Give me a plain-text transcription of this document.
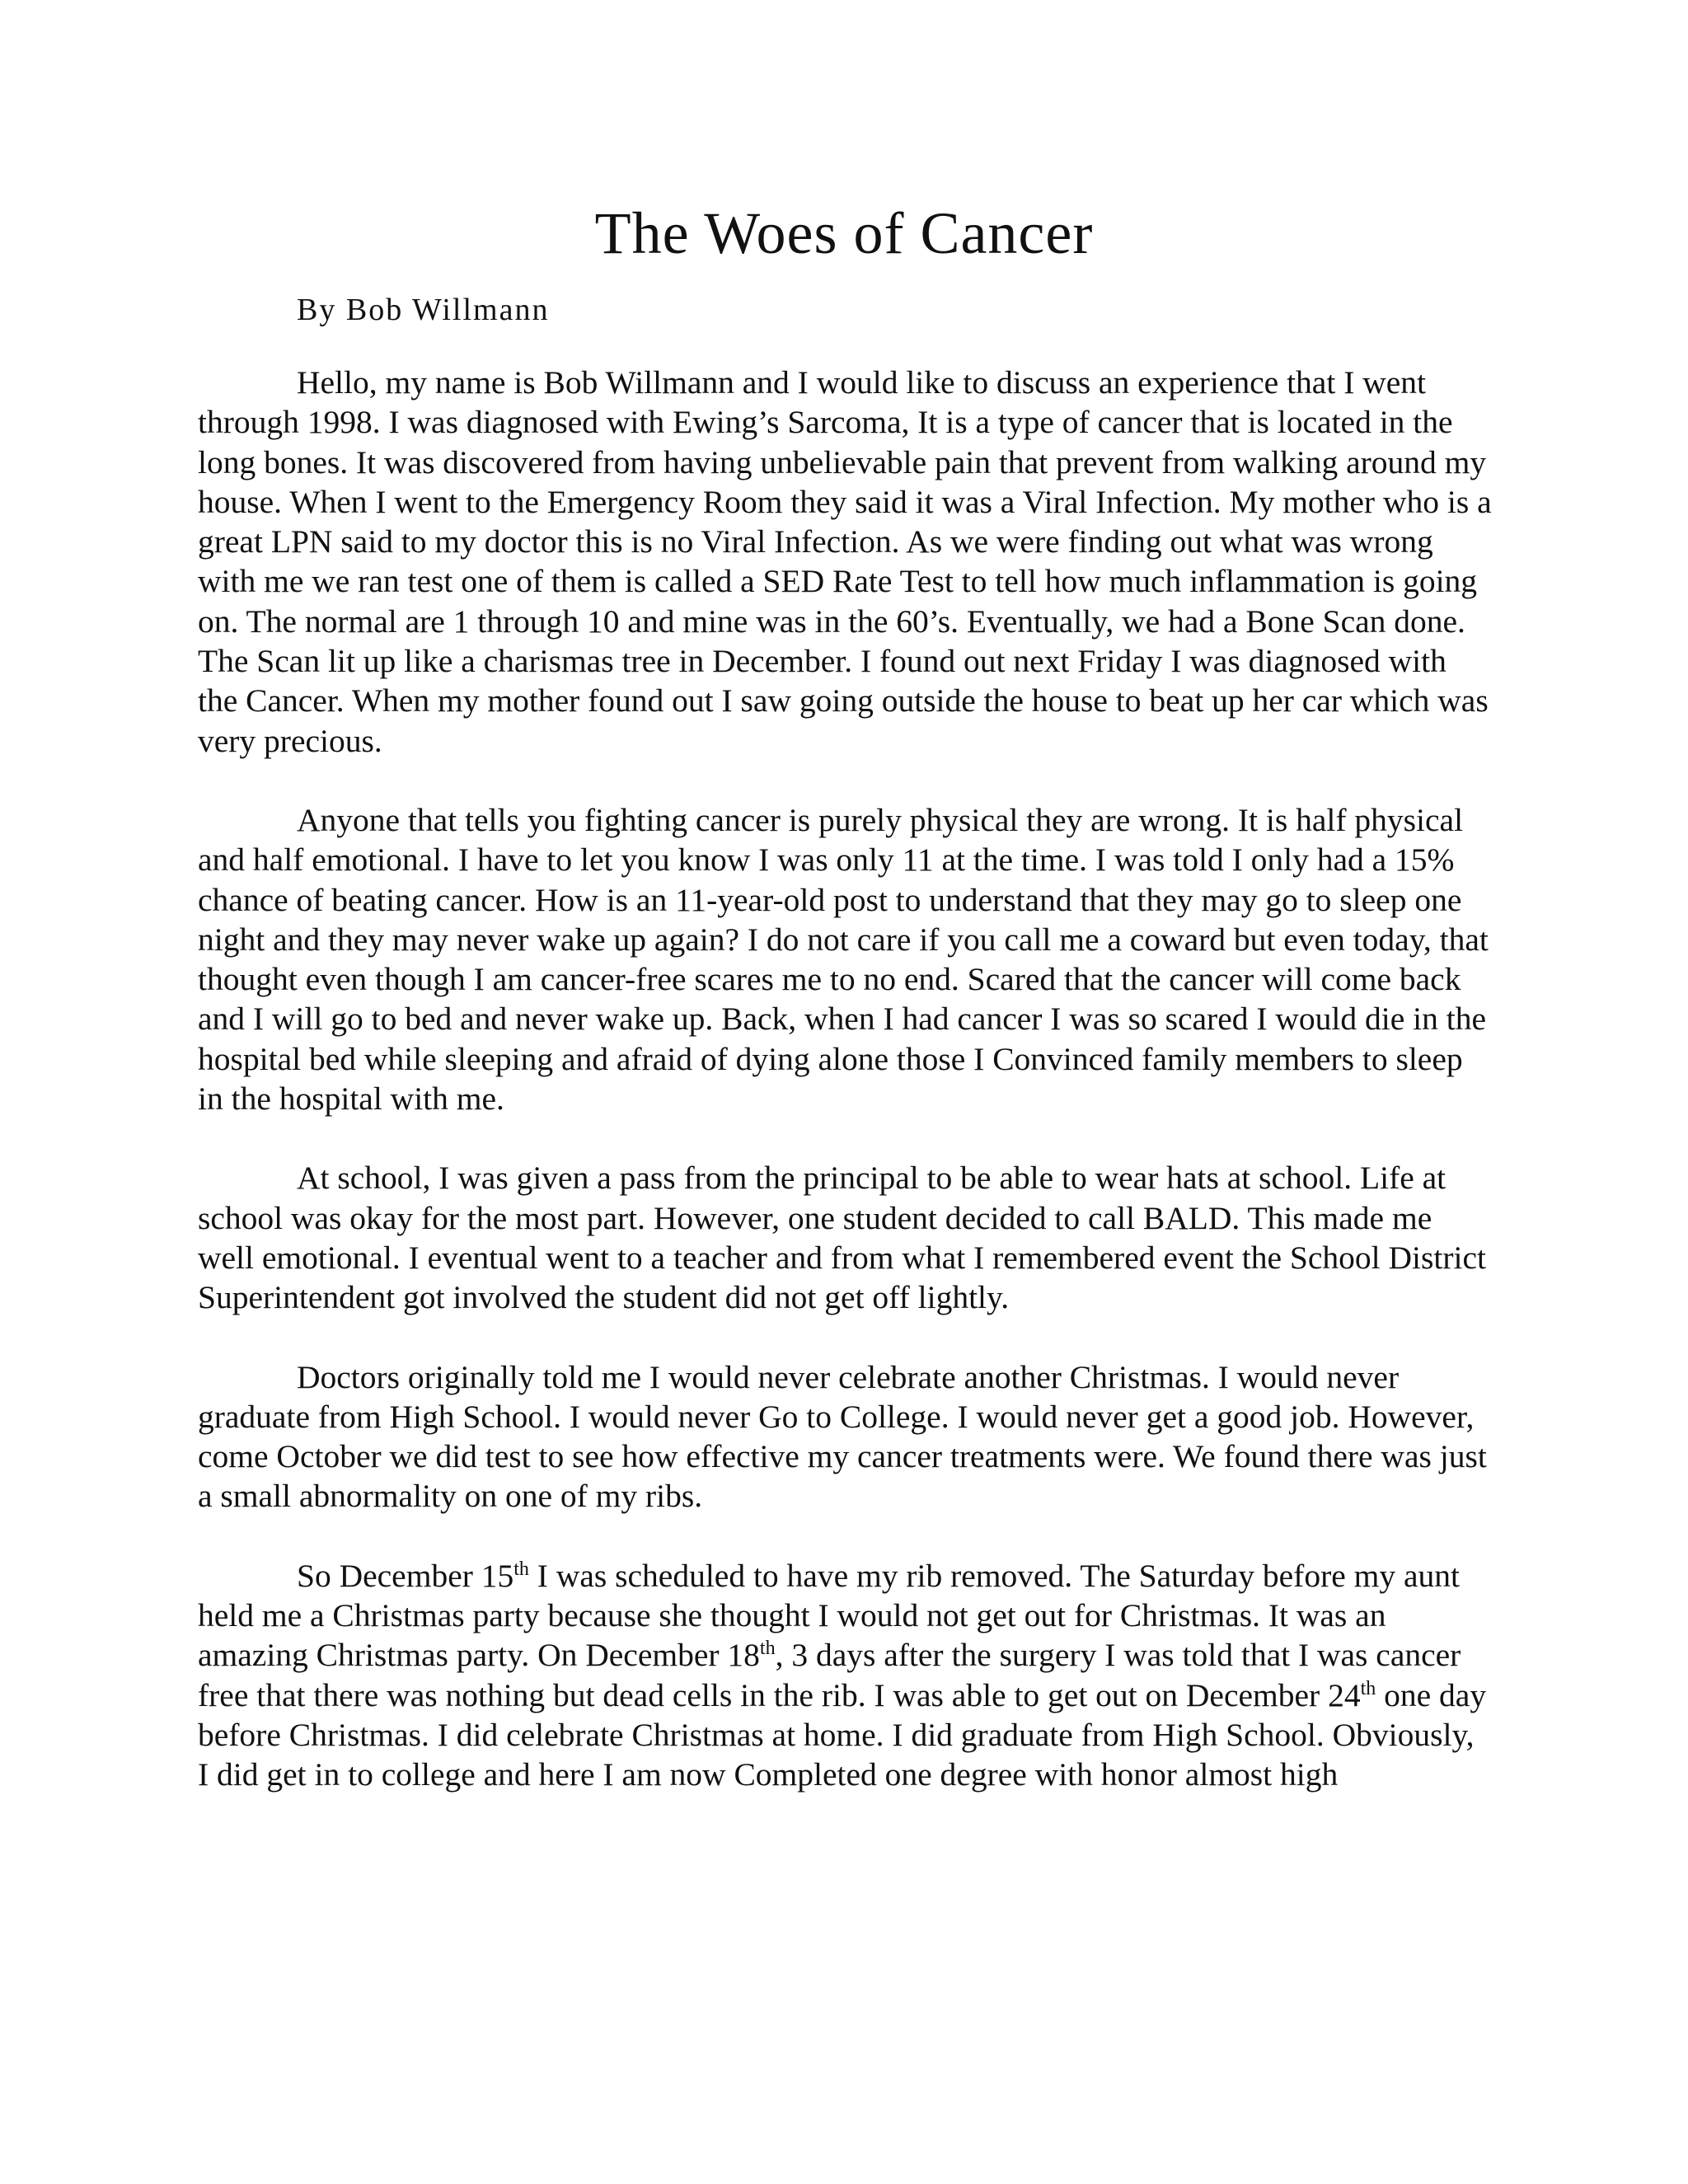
The Woes of Cancer

By Bob Willmann

Hello, my name is Bob Willmann and I would like to discuss an experience that I went through 1998. I was diagnosed with Ewing’s Sarcoma, It is a type of cancer that is located in the long bones. It was discovered from having unbelievable pain that prevent from walking around my house. When I went to the Emergency Room they said it was a Viral Infection. My mother who is a great LPN said to my doctor this is no Viral Infection. As we were finding out what was wrong with me we ran test one of them is called a SED Rate Test to tell how much inflammation is going on. The normal are 1 through 10 and mine was in the 60’s. Eventually, we had a Bone Scan done. The Scan lit up like a charismas tree in December. I found out next Friday I was diagnosed with the Cancer. When my mother found out I saw going outside the house to beat up her car which was very precious.

Anyone that tells you fighting cancer is purely physical they are wrong. It is half physical and half emotional. I have to let you know I was only 11 at the time. I was told I only had a 15% chance of beating cancer. How is an 11-year-old post to understand that they may go to sleep one night and they may never wake up again? I do not care if you call me a coward but even today, that thought even though I am cancer-free scares me to no end. Scared that the cancer will come back and I will go to bed and never wake up. Back, when I had cancer I was so scared I would die in the hospital bed while sleeping and afraid of dying alone those I Convinced family members to sleep in the hospital with me.

At school, I was given a pass from the principal to be able to wear hats at school. Life at school was okay for the most part. However, one student decided to call BALD. This made me well emotional. I eventual went to a teacher and from what I remembered event the School District Superintendent got involved the student did not get off lightly.

Doctors originally told me I would never celebrate another Christmas. I would never graduate from High School. I would never Go to College. I would never get a good job. However, come October we did test to see how effective my cancer treatments were. We found there was just a small abnormality on one of my ribs.

So December 15th I was scheduled to have my rib removed. The Saturday before my aunt held me a Christmas party because she thought I would not get out for Christmas. It was an amazing Christmas party. On December 18th, 3 days after the surgery I was told that I was cancer free that there was nothing but dead cells in the rib. I was able to get out on December 24th one day before Christmas. I did celebrate Christmas at home. I did graduate from High School. Obviously, I did get in to college and here I am now Completed one degree with honor almost high
